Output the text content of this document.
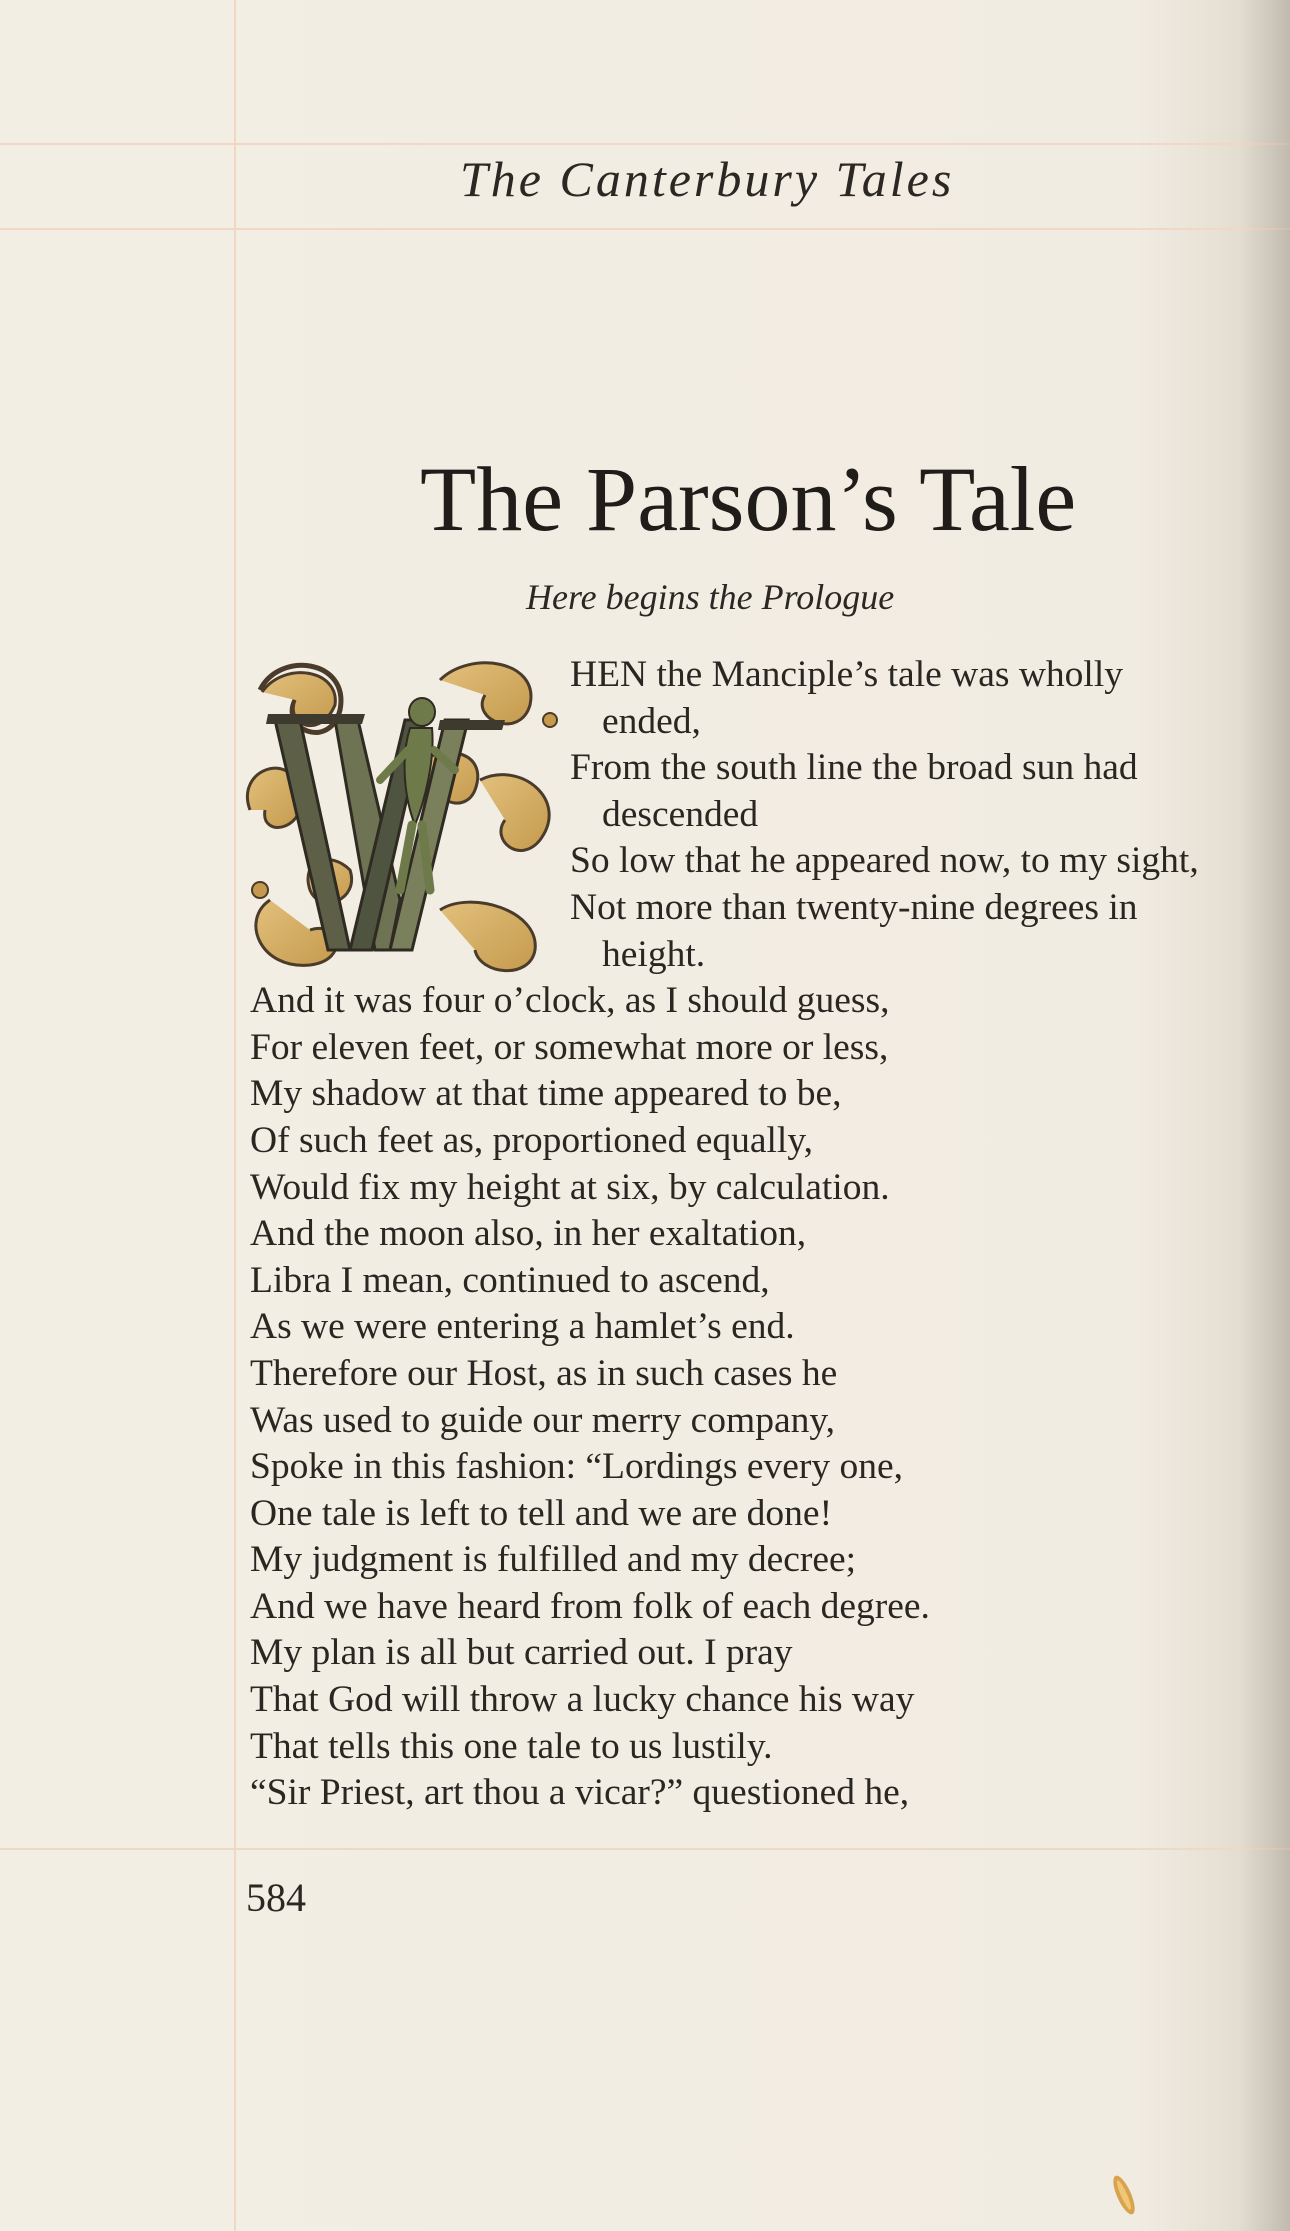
The Canterbury Tales
The Parson’s Tale
Here begins the Prologue
HEN the Manciple’s tale was wholly
ended,
From the south line the broad sun had
descended
So low that he appeared now, to my sight,
Not more than twenty-nine degrees in
height.
And it was four o’clock, as I should guess,
For eleven feet, or somewhat more or less,
My shadow at that time appeared to be,
Of such feet as, proportioned equally,
Would fix my height at six, by calculation.
And the moon also, in her exaltation,
Libra I mean, continued to ascend,
As we were entering a hamlet’s end.
Therefore our Host, as in such cases he
Was used to guide our merry company,
Spoke in this fashion: “Lordings every one,
One tale is left to tell and we are done!
My judgment is fulfilled and my decree;
And we have heard from folk of each degree.
My plan is all but carried out. I pray
That God will throw a lucky chance his way
That tells this one tale to us lustily.
“Sir Priest, art thou a vicar?” questioned he,
584
